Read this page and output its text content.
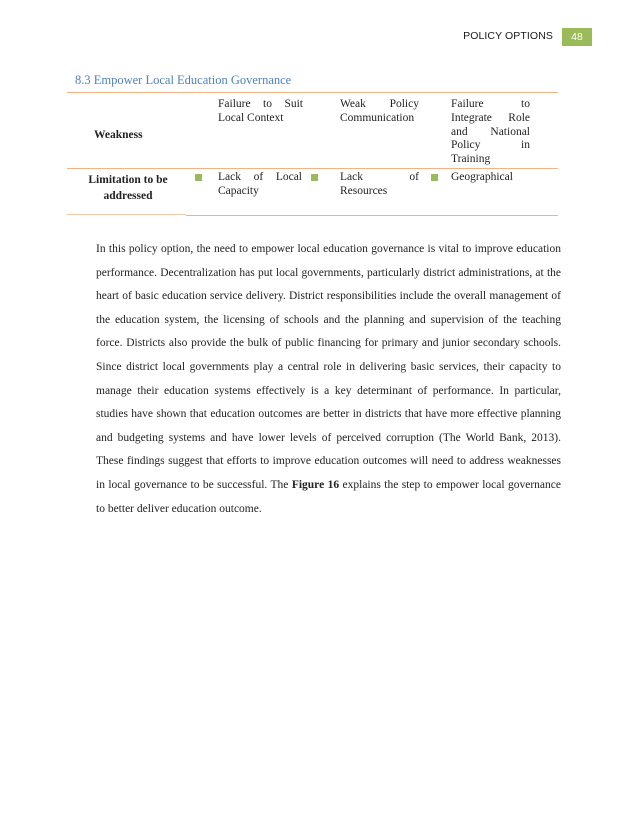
POLICY OPTIONS	48
8.3 Empower Local Education Governance
Weakness
Failure to Suit
Local Context
Weak Policy
Communication
Failure to
Integrate Role
and National
Policy in
Training
Limitation to be
addressed
Lack of Local
Capacity
Lack of
Resources
Geographical

In this policy option, the need to empower local education governance is vital to improve education performance. Decentralization has put local governments, particularly district administrations, at the heart of basic education service delivery. District responsibilities include the overall management of the education system, the licensing of schools and the planning and supervision of the teaching force. Districts also provide the bulk of public financing for primary and junior secondary schools. Since district local governments play a central role in delivering basic services, their capacity to manage their education systems effectively is a key determinant of performance. In particular, studies have shown that education outcomes are better in districts that have more effective planning and budgeting systems and have lower levels of perceived corruption (The World Bank, 2013). These findings suggest that efforts to improve education outcomes will need to address weaknesses in local governance to be successful. The Figure 16 explains the step to empower local governance to better deliver education outcome.
